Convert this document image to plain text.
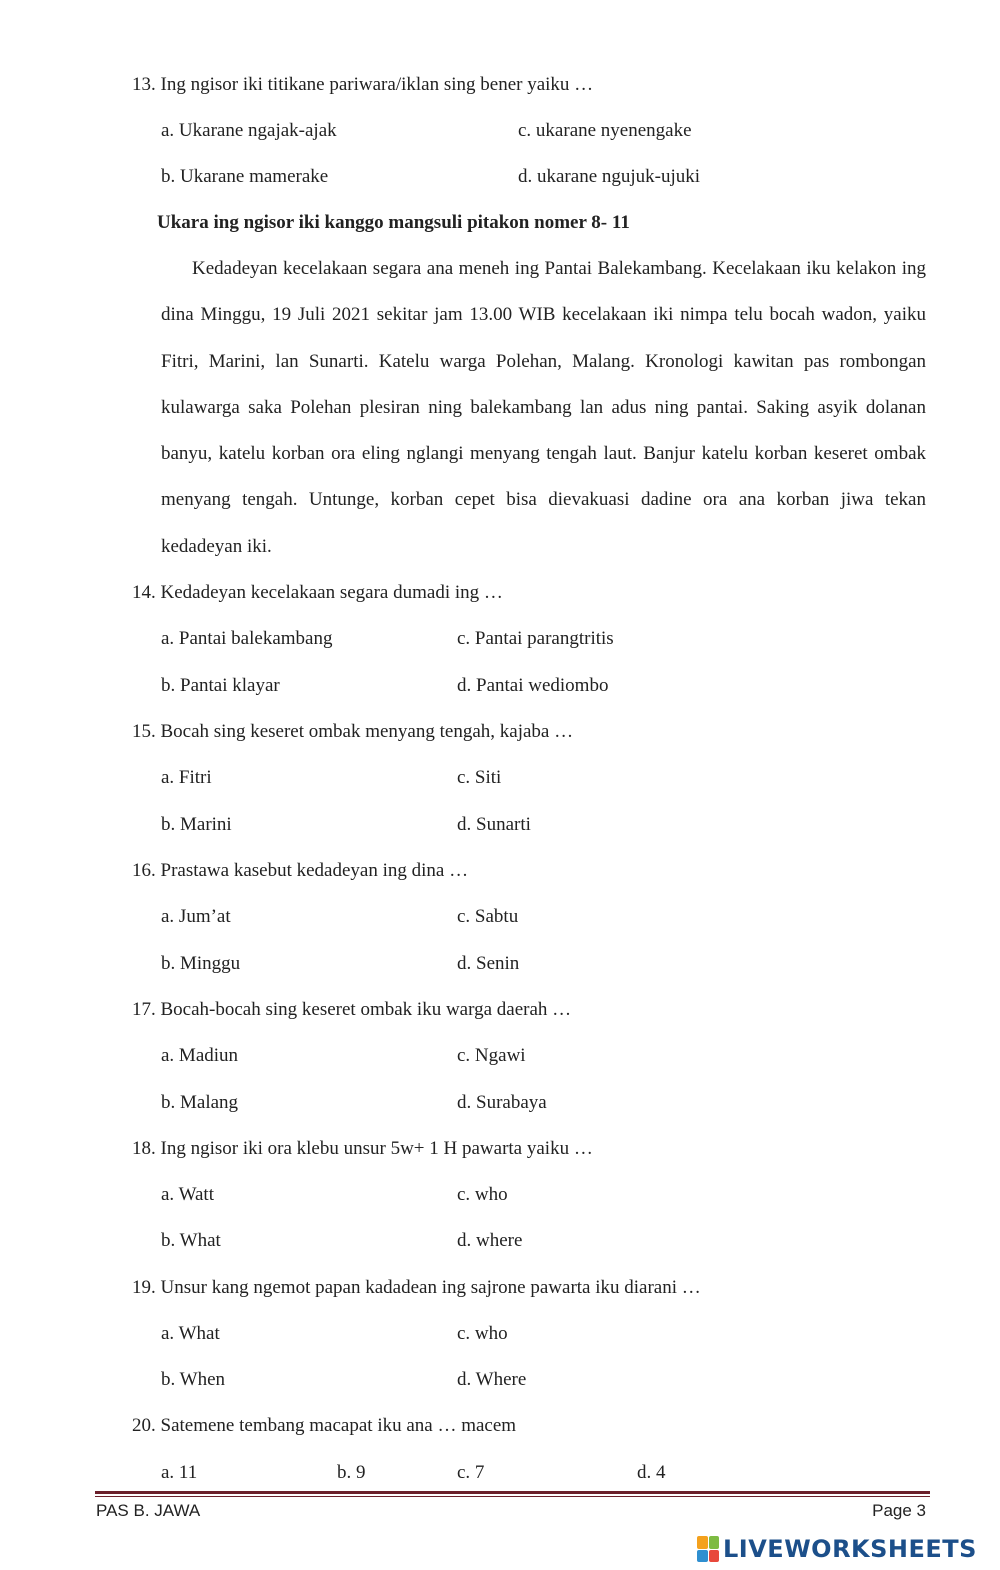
13. Ing ngisor iki titikane pariwara/iklan sing bener yaiku …
a. Ukarane ngajak-ajak	c. ukarane nyenengake
b. Ukarane mamerake	d. ukarane ngujuk-ujuki
Ukara ing ngisor iki kanggo mangsuli pitakon nomer 8- 11
Kedadeyan kecelakaan segara ana meneh ing Pantai Balekambang. Kecelakaan iku kelakon ing dina Minggu, 19 Juli 2021 sekitar jam 13.00 WIB kecelakaan iki nimpa telu bocah wadon, yaiku Fitri, Marini, lan Sunarti. Katelu warga Polehan, Malang. Kronologi kawitan pas rombongan kulawarga saka Polehan plesiran ning balekambang lan adus ning pantai. Saking asyik dolanan banyu, katelu korban ora eling nglangi menyang tengah laut. Banjur katelu korban keseret ombak menyang tengah. Untunge, korban cepet bisa dievakuasi dadine ora ana korban jiwa tekan kedadeyan iki.
14. Kedadeyan kecelakaan segara dumadi ing …
a. Pantai balekambang	c. Pantai parangtritis
b. Pantai klayar	d. Pantai wediombo
15. Bocah sing keseret ombak menyang tengah, kajaba …
a. Fitri	c. Siti
b. Marini	d. Sunarti
16. Prastawa kasebut kedadeyan ing dina …
a. Jum’at	c. Sabtu
b. Minggu	d. Senin
17. Bocah-bocah sing keseret ombak iku warga daerah …
a. Madiun	c. Ngawi
b. Malang	d. Surabaya
18. Ing ngisor iki ora klebu unsur 5w+ 1 H pawarta yaiku …
a. Watt	c. who
b. What	d. where
19. Unsur kang ngemot papan kadadean ing sajrone pawarta iku diarani …
a. What	c. who
b. When	d. Where
20. Satemene tembang macapat iku ana … macem
a. 11	b. 9	c. 7	d. 4
PAS B. JAWA	Page 3
LIVEWORKSHEETS
